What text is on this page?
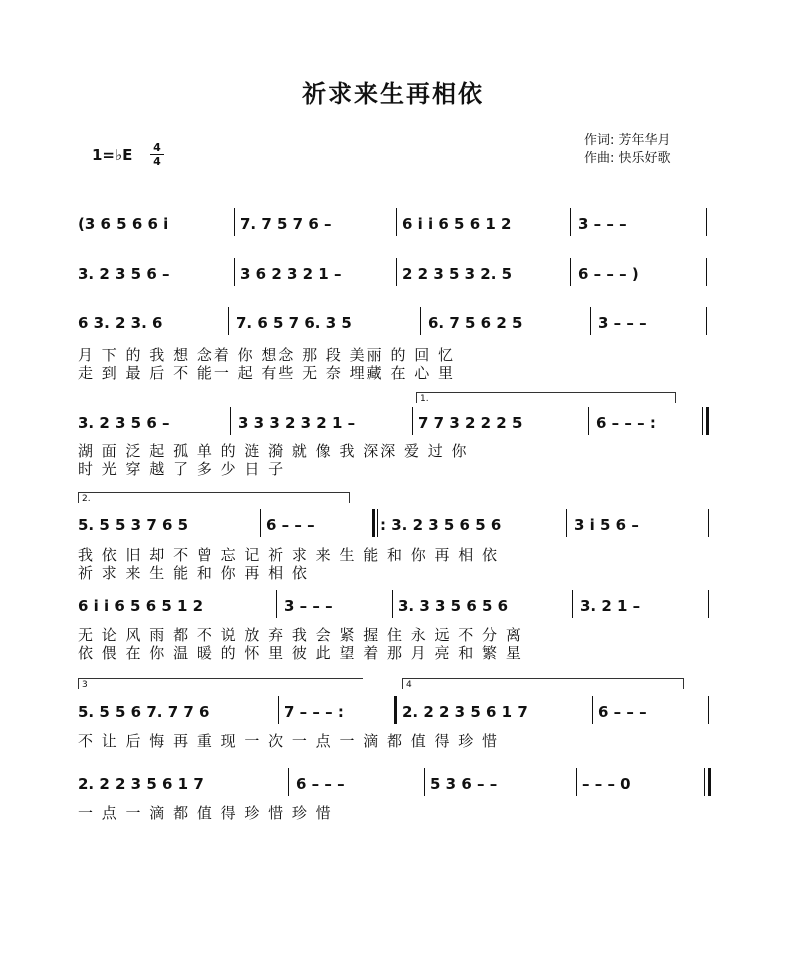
祈求来生再相依
作词: 芳年华月
作曲: 快乐好歌
1=♭E 4
4
(3 6 5 6 6 i	7. 7 5 7 6 –	6 i i 6 5 6 1 2	3 – – –
3. 2 3 5 6 –	3 6 2 3 2 1 –	2 2 3 5 3 2. 5	6 – – – )
6 3. 2 3. 6	7. 6 5 7 6. 3 5	6. 7 5 6 2 5	3 – – –
月 下 的 我 想 念着 你 想念 那 段 美丽 的 回 忆
走 到 最 后 不 能一 起 有些 无 奈 埋藏 在 心 里
1.
3. 2 3 5 6 –	3 3 3 2 3 2 1 –	7 7 3 2 2 2 5	6 – – – :
湖 面 泛 起 孤 单 的 涟 漪 就 像 我 深深 爱 过 你
时 光 穿 越 了 多 少 日 子
2.
5. 5 5 3 7 6 5	6 – – –	: 3. 2 3 5 6 5 6	3 i 5 6 –
我 依 旧 却 不 曾 忘 记 祈 求 来 生 能 和 你 再 相 依
祈 求 来 生 能 和 你 再 相 依
6 i i 6 5 6 5 1 2	3 – – –	3. 3 3 5 6 5 6	3. 2 1 –
无 论 风 雨 都 不 说 放 弃 我 会 紧 握 住 永 远 不 分 离
依 偎 在 你 温 暖 的 怀 里 彼 此 望 着 那 月 亮 和 繁 星
3	4
5. 5 5 6 7. 7 7 6	7 – – – :	2. 2 2 3 5 6 1 7	6 – – –
不 让 后 悔 再 重 现 一 次 一 点 一 滴 都 值 得 珍 惜
2. 2 2 3 5 6 1 7	6 – – –	5 3 6 – –	– – – 0
一 点 一 滴 都 值 得 珍 惜 珍 惜
